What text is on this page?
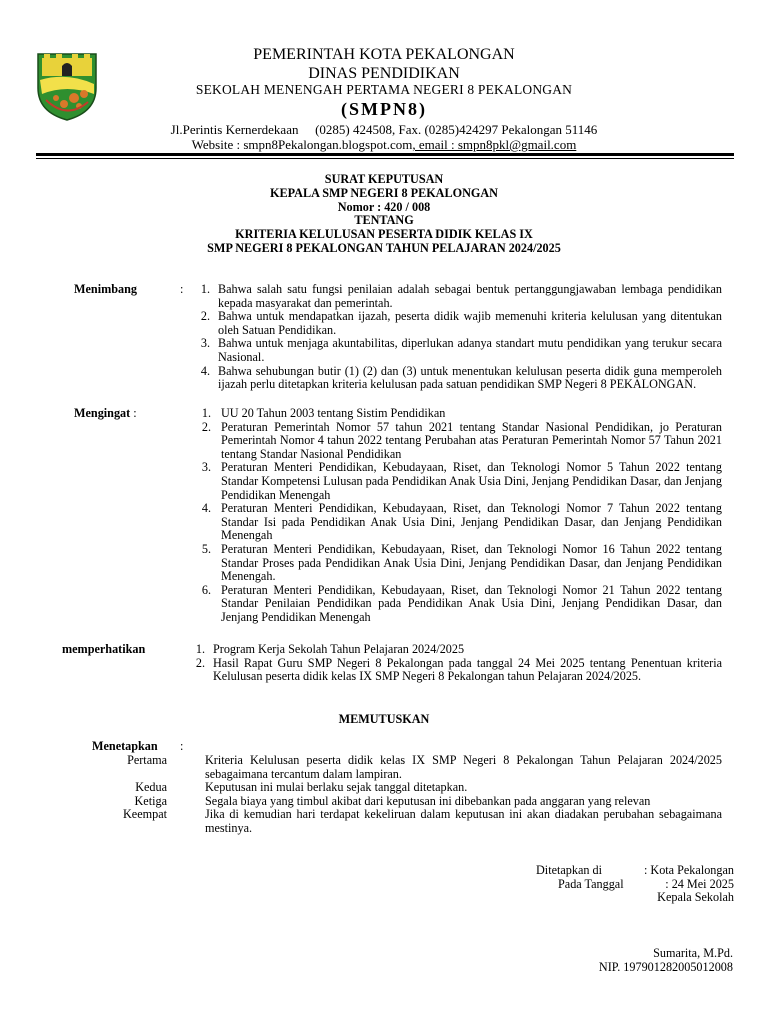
PEMERINTAH KOTA PEKALONGAN
DINAS PENDIDIKAN
SEKOLAH MENENGAH PERTAMA NEGERI 8 PEKALONGAN
(SMPN8)
Jl.Perintis Kernerdekaan (0285) 424508, Fax. (0285)424297 Pekalongan 51146
Website : smpn8Pekalongan.blogspot.com, email : smpn8pkl@gmail.com
SURAT KEPUTUSAN
KEPALA SMP NEGERI 8 PEKALONGAN
Nomor : 420 / 008
TENTANG
KRITERIA KELULUSAN PESERTA DIDIK KELAS IX
SMP NEGERI 8 PEKALONGAN TAHUN PELAJARAN 2024/2025
Menimbang	:	1. Bahwa salah satu fungsi penilaian adalah sebagai bentuk pertanggungjawaban lembaga pendidikan kepada masyarakat dan pemerintah.
2. Bahwa untuk mendapatkan ijazah, peserta didik wajib memenuhi kriteria kelulusan yang ditentukan oleh Satuan Pendidikan.
3. Bahwa untuk menjaga akuntabilitas, diperlukan adanya standart mutu pendidikan yang terukur secara Nasional.
4. Bahwa sehubungan butir (1) (2) dan (3) untuk menentukan kelulusan peserta didik guna memperoleh ijazah perlu ditetapkan kriteria kelulusan pada satuan pendidikan SMP Negeri 8 PEKALONGAN.
Mengingat :	1. UU 20 Tahun 2003 tentang Sistim Pendidikan
2. Peraturan Pemerintah Nomor 57 tahun 2021 tentang Standar Nasional Pendidikan, jo Peraturan Pemerintah Nomor 4 tahun 2022 tentang Perubahan atas Peraturan Pemerintah Nomor 57 Tahun 2021 tentang Standar Nasional Pendidikan
3. Peraturan Menteri Pendidikan, Kebudayaan, Riset, dan Teknologi Nomor 5 Tahun 2022 tentang Standar Kompetensi Lulusan pada Pendidikan Anak Usia Dini, Jenjang Pendidikan Dasar, dan Jenjang Pendidikan Menengah
4. Peraturan Menteri Pendidikan, Kebudayaan, Riset, dan Teknologi Nomor 7 Tahun 2022 tentang Standar Isi pada Pendidikan Anak Usia Dini, Jenjang Pendidikan Dasar, dan Jenjang Pendidikan Menengah
5. Peraturan Menteri Pendidikan, Kebudayaan, Riset, dan Teknologi Nomor 16 Tahun 2022 tentang Standar Proses pada Pendidikan Anak Usia Dini, Jenjang Pendidikan Dasar, dan Jenjang Pendidikan Menengah.
6. Peraturan Menteri Pendidikan, Kebudayaan, Riset, dan Teknologi Nomor 21 Tahun 2022 tentang Standar Penilaian Pendidikan pada Pendidikan Anak Usia Dini, Jenjang Pendidikan Dasar, dan Jenjang Pendidikan Menengah
memperhatikan	1. Program Kerja Sekolah Tahun Pelajaran 2024/2025
2. Hasil Rapat Guru SMP Negeri 8 Pekalongan pada tanggal 24 Mei 2025 tentang Penentuan kriteria Kelulusan peserta didik kelas IX SMP Negeri 8 Pekalongan tahun Pelajaran 2024/2025.
MEMUTUSKAN
Menetapkan :
Pertama	Kriteria Kelulusan peserta didik kelas IX SMP Negeri 8 Pekalongan Tahun Pelajaran 2024/2025 sebagaimana tercantum dalam lampiran.
Kedua	Keputusan ini mulai berlaku sejak tanggal ditetapkan.
Ketiga	Segala biaya yang timbul akibat dari keputusan ini dibebankan pada anggaran yang relevan
Keempat	Jika di kemudian hari terdapat kekeliruan dalam keputusan ini akan diadakan perubahan sebagaimana mestinya.
Ditetapkan di	: Kota Pekalongan
Pada Tanggal	: 24 Mei 2025
Kepala Sekolah
Sumarita, M.Pd.
NIP. 197901282005012008
